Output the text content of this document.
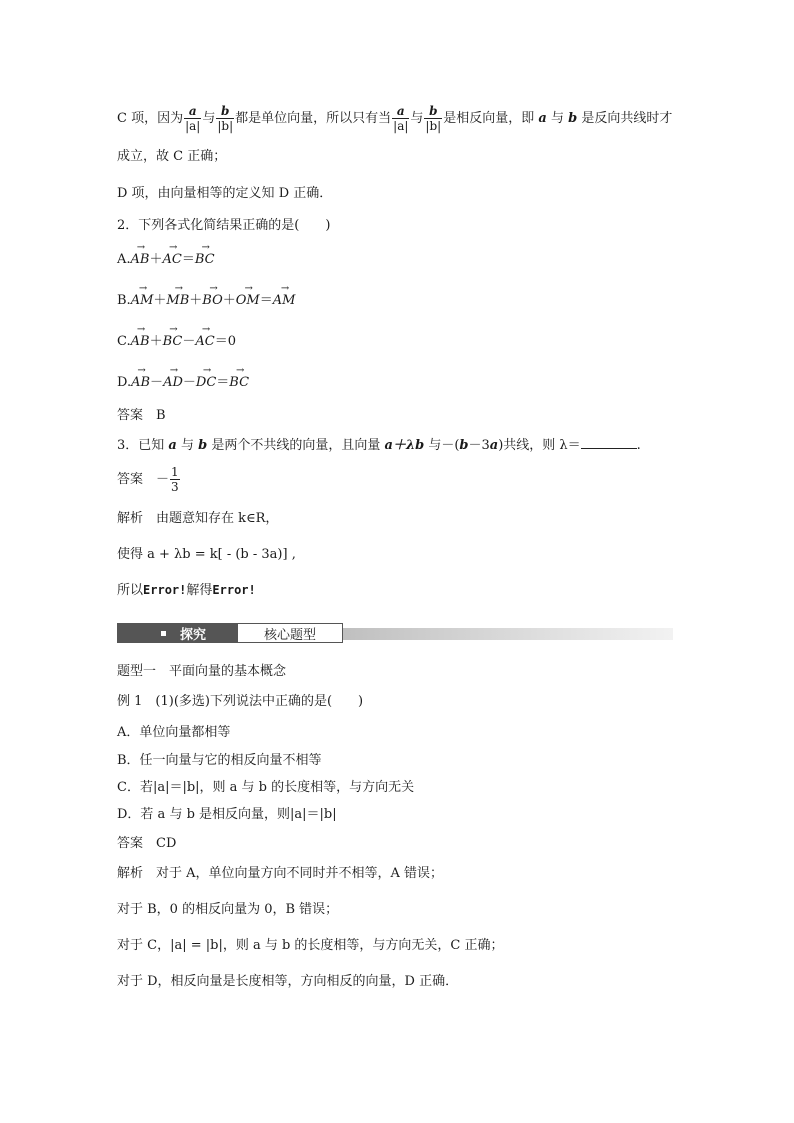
C 项，因为 $\frac{a}{|a|}$ 与 $\frac{b}{|b|}$ 都是单位向量，所以只有当 $\frac{a}{|a|}$ 与 $\frac{b}{|b|}$ 是相反向量，即 a 与 b 是反向共线时才
成立，故 C 正确；
D 项，由向量相等的定义知 D 正确．
2．下列各式化简结果正确的是(　　)
A.→ AB＋→ AC＝→ BC
B.→ AM＋→ MB＋→ BO＋→ OM＝→ AM
C.→ AB＋→ BC－→ AC＝0
D.→ AB－→ AD－→ DC＝→ BC
答案　B
3．已知 a 与 b 是两个不共线的向量，且向量 a＋λb 与－(b－3a)共线，则 λ＝	.
答案　－ $\frac{1}{3}$
解析　由题意知存在 k∈R，
使得 a + λb = k[ - (b - 3a)] ,
所以Error!解得Error!
探究	核心题型
题型一　平面向量的基本概念
例 1　(1)(多选)下列说法中正确的是(　　)
A．单位向量都相等
B．任一向量与它的相反向量不相等
C．若|a|＝|b|，则 a 与 b 的长度相等，与方向无关
D．若 a 与 b 是相反向量，则|a|＝|b|
答案　CD
解析　对于 A，单位向量方向不同时并不相等，A 错误；
对于 B，0 的相反向量为 0，B 错误；
对于 C，|a| = |b|，则 a 与 b 的长度相等，与方向无关，C 正确；
对于 D，相反向量是长度相等，方向相反的向量，D 正确．
